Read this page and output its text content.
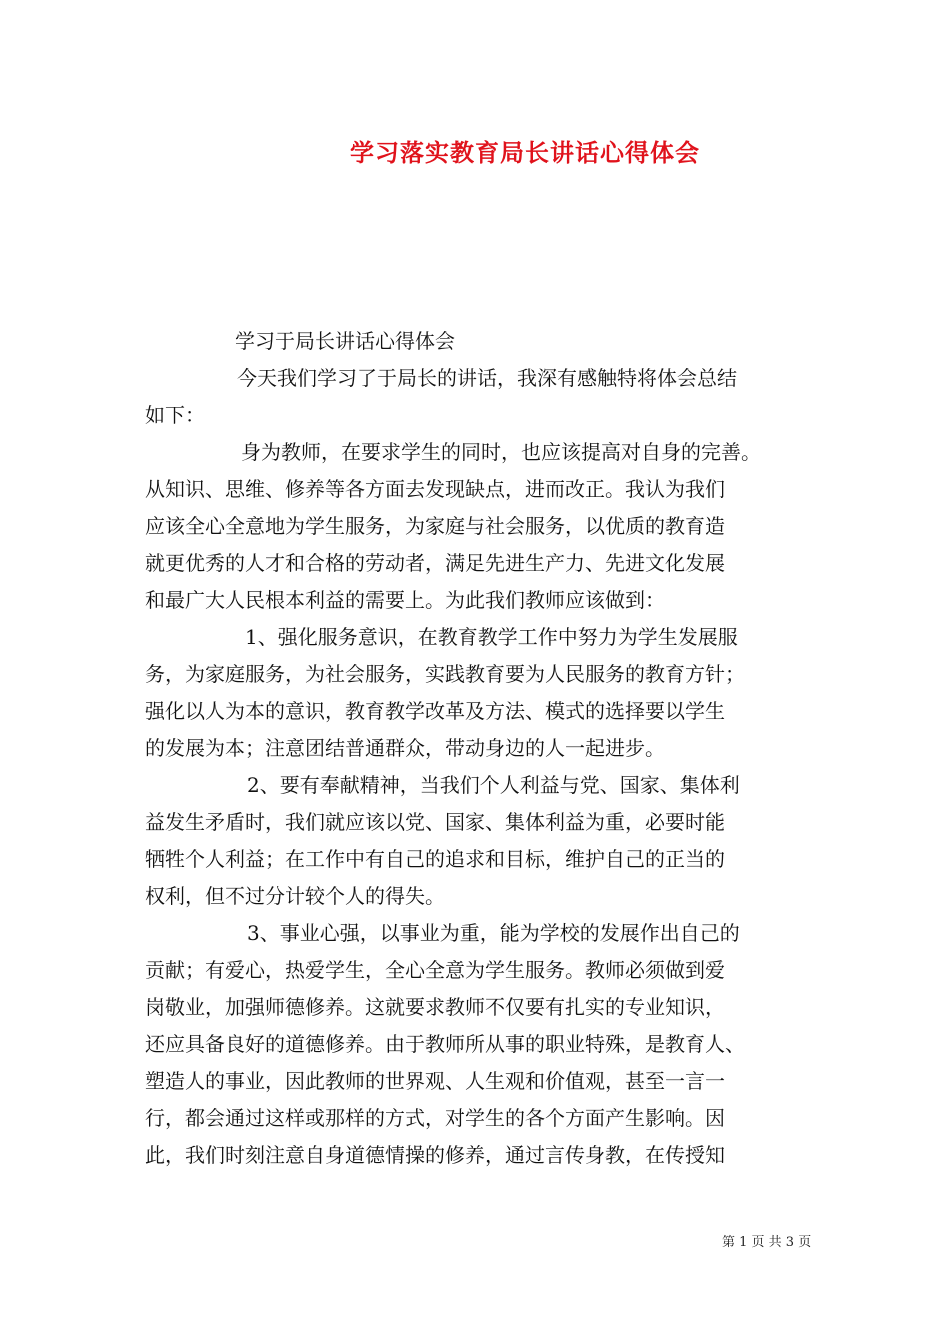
学习落实教育局长讲话心得体会

学习于局长讲话心得体会

今天我们学习了于局长的讲话，我深有感触特将体会总结
如下：

身为教师，在要求学生的同时，也应该提高对自身的完善。
从知识、思维、修养等各方面去发现缺点，进而改正。我认为我们
应该全心全意地为学生服务，为家庭与社会服务，以优质的教育造
就更优秀的人才和合格的劳动者，满足先进生产力、先进文化发展
和最广大人民根本利益的需要上。为此我们教师应该做到：

1、强化服务意识，在教育教学工作中努力为学生发展服
务，为家庭服务，为社会服务，实践教育要为人民服务的教育方针；
强化以人为本的意识，教育教学改革及方法、模式的选择要以学生
的发展为本；注意团结普通群众，带动身边的人一起进步。

2、要有奉献精神，当我们个人利益与党、国家、集体利
益发生矛盾时，我们就应该以党、国家、集体利益为重，必要时能
牺牲个人利益；在工作中有自己的追求和目标，维护自己的正当的
权利，但不过分计较个人的得失。

3、事业心强，以事业为重，能为学校的发展作出自己的
贡献；有爱心，热爱学生，全心全意为学生服务。教师必须做到爱
岗敬业，加强师德修养。这就要求教师不仅要有扎实的专业知识，
还应具备良好的道德修养。由于教师所从事的职业特殊，是教育人、
塑造人的事业，因此教师的世界观、人生观和价值观，甚至一言一
行，都会通过这样或那样的方式，对学生的各个方面产生影响。因
此，我们时刻注意自身道德情操的修养，通过言传身教，在传授知

第 1 页 共 3 页
